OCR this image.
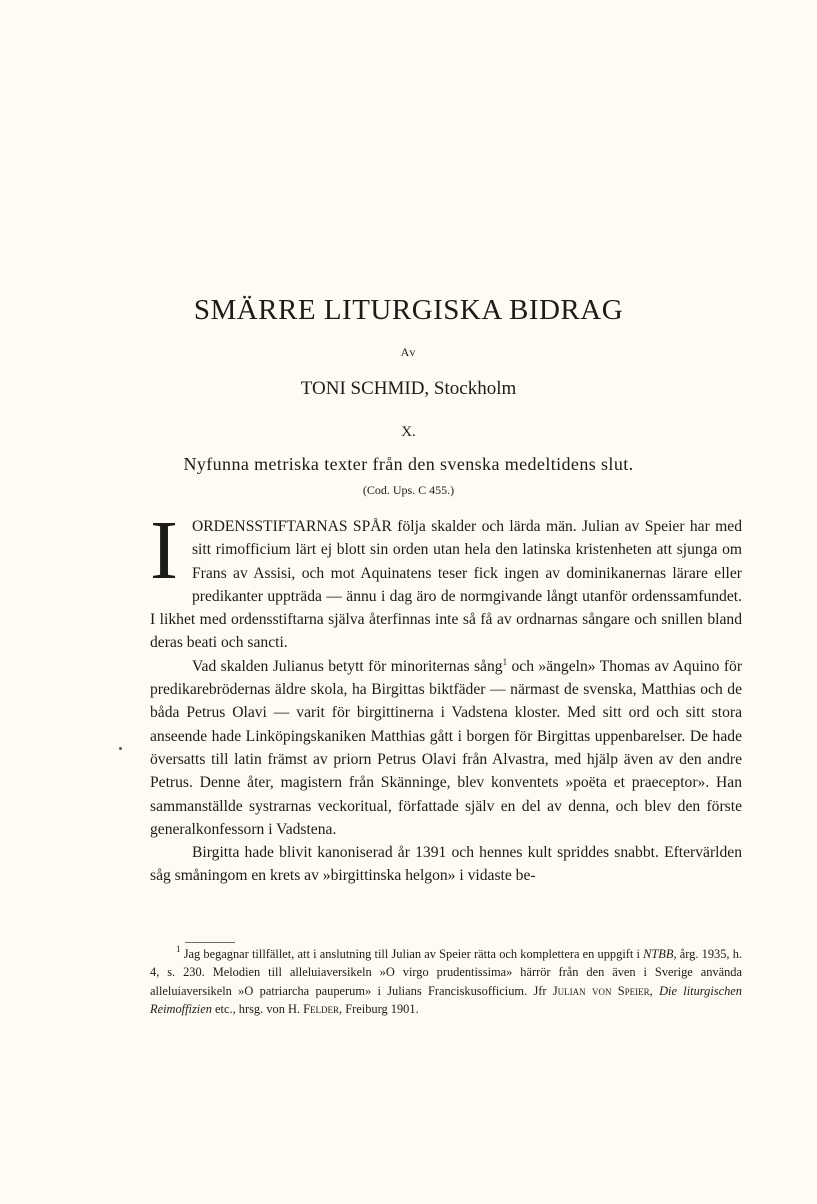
SMÄRRE LITURGISKA BIDRAG
Av
TONI SCHMID, Stockholm
X.
Nyfunna metriska texter från den svenska medeltidens slut.
(Cod. Ups. C 455.)

IORDENSSTIFTARNAS SPÅR följa skalder och lärda män. Julian av Speier har med sitt rimofficium lärt ej blott sin orden utan hela den latinska kristenheten att sjunga om Frans av Assisi, och mot Aquinatens teser fick ingen av dominikanernas lärare eller predikanter uppträda — ännu i dag äro de normgivande långt utanför ordenssamfundet. I likhet med ordensstiftarna själva återfinnas inte så få av ordnarnas sångare och snillen bland deras beati och sancti.

Vad skalden Julianus betytt för minoriternas sång$^1$ och »ängeln» Thomas av Aquino för predikarebrödernas äldre skola, ha Birgittas biktfäder — närmast de svenska, Matthias och de båda Petrus Olavi — varit för birgittinerna i Vadstena kloster. Med sitt ord och sitt stora anseende hade Linköpingskaniken Matthias gått i borgen för Birgittas uppenbarelser. De hade översatts till latin främst av priorn Petrus Olavi från Alvastra, med hjälp även av den andre Petrus. Denne åter, magistern från Skänninge, blev konventets »poëta et praeceptor». Han sammanställde systrarnas veckoritual, författade själv en del av denna, och blev den förste generalkonfessorn i Vadstena.

Birgitta hade blivit kanoniserad år 1391 och hennes kult spriddes snabbt. Eftervärlden såg småningom en krets av »birgittinska helgon» i vidaste be-

$^1$ Jag begagnar tillfället, att i anslutning till Julian av Speier rätta och komplettera en uppgift i NTBB, årg. 1935, h. 4, s. 230. Melodien till alleluiaversikeln »O virgo prudentissima» härrör från den även i Sverige använda alleluiaversikeln »O patriarcha pauperum» i Julians Franciskusofficium. Jfr Julian von Speier, Die liturgischen Reimoffizien etc., hrsg. von H. Felder, Freiburg 1901.
